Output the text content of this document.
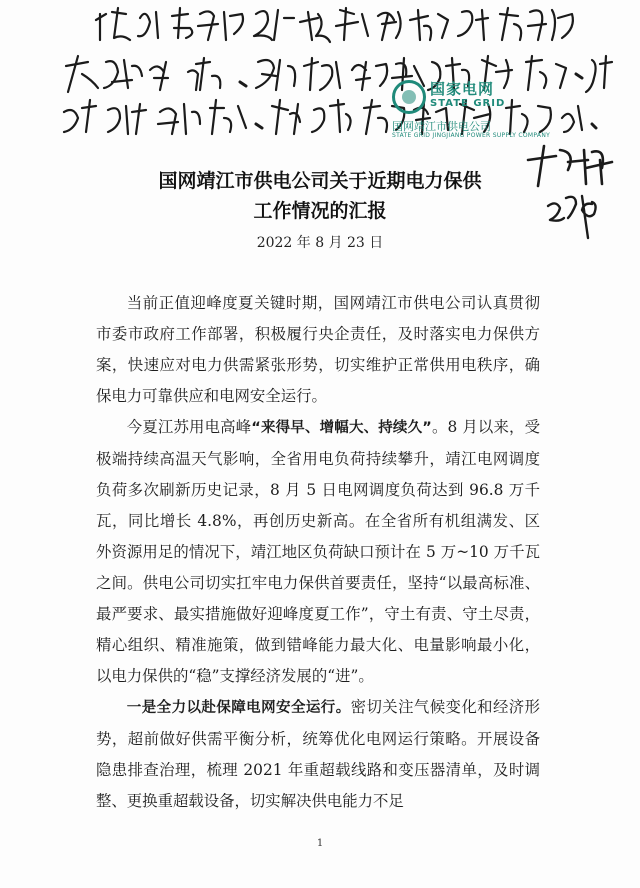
国家电网
STATE GRID
国网靖江市供电公司
STATE GRID JINGJIANG POWER SUPPLY COMPANY
国网靖江市供电公司关于近期电力保供
工作情况的汇报
2022 年 8 月 23 日

当前正值迎峰度夏关键时期，国网靖江市供电公司认真贯彻市委市政府工作部署，积极履行央企责任，及时落实电力保供方案，快速应对电力供需紧张形势，切实维护正常供用电秩序，确保电力可靠供应和电网安全运行。

今夏江苏用电高峰“来得早、增幅大、持续久”。8 月以来，受极端持续高温天气影响，全省用电负荷持续攀升，靖江电网调度负荷多次刷新历史记录，8 月 5 日电网调度负荷达到 96.8 万千瓦，同比增长 4.8%，再创历史新高。在全省所有机组满发、区外资源用足的情况下，靖江地区负荷缺口预计在 5 万~10 万千瓦之间。供电公司切实扛牢电力保供首要责任，坚持“以最高标准、最严要求、最实措施做好迎峰度夏工作”，守土有责、守土尽责，精心组织、精准施策，做到错峰能力最大化、电量影响最小化，以电力保供的“稳”支撑经济发展的“进”。

一是全力以赴保障电网安全运行。密切关注气候变化和经济形势，超前做好供需平衡分析，统筹优化电网运行策略。开展设备隐患排查治理，梳理 2021 年重超载线路和变压器清单，及时调整、更换重超载设备，切实解决供电能力不足

1
